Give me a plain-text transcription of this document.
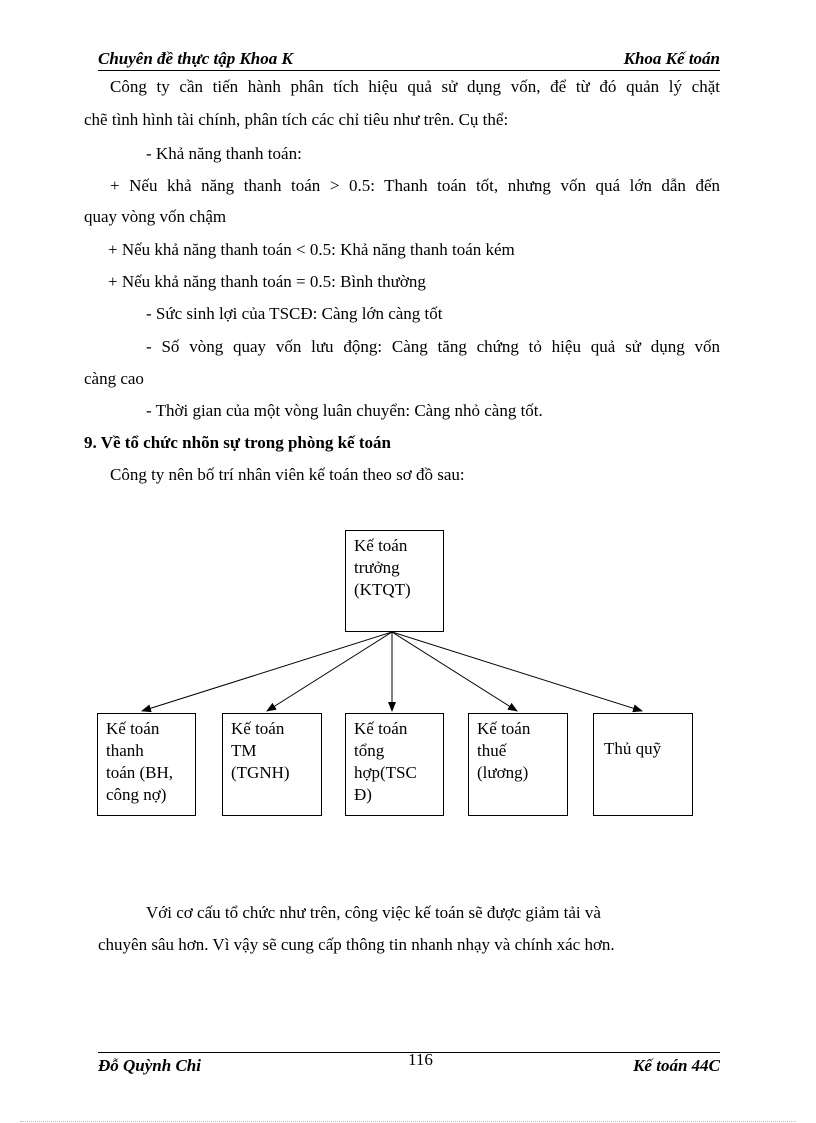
Chuyên đề thực tập Khoa K	Khoa Kế toán
Công ty cần tiến hành phân tích hiệu quả sử dụng vốn, để từ đó quản lý chặt
chẽ tình hình tài chính, phân tích các chỉ tiêu như trên. Cụ thể:
- Khả năng thanh toán:
+ Nếu khả năng thanh toán > 0.5: Thanh toán tốt, nhưng vốn quá lớn dẫn đến
quay vòng vốn chậm
+ Nếu khả năng thanh toán < 0.5: Khả năng thanh toán kém
+ Nếu khả năng thanh toán = 0.5: Bình thường
- Sức sinh lợi của TSCĐ: Càng lớn càng tốt
- Số vòng quay vốn lưu động: Càng tăng chứng tỏ hiệu quả sử dụng vốn
càng cao
- Thời gian của một vòng luân chuyển: Càng nhỏ càng tốt.
9. Về tổ chức nhõn sự trong phòng kế toán
Công ty nên bố trí nhân viên kế toán theo sơ đồ sau:
Kế toán
trưởng
(KTQT)
Kế toán
thanh
toán (BH,
công nợ)
Kế toán
TM
(TGNH)
Kế toán
tổng
hợp(TSC
Đ)
Kế toán
thuế
(lương)
Thủ quỹ
Với cơ cấu tổ chức như trên, công việc kế toán sẽ được giảm tải và
chuyên sâu hơn. Vì vậy sẽ cung cấp thông tin nhanh nhạy và chính xác hơn.
Đỗ Quỳnh Chi	116	Kế toán 44C
